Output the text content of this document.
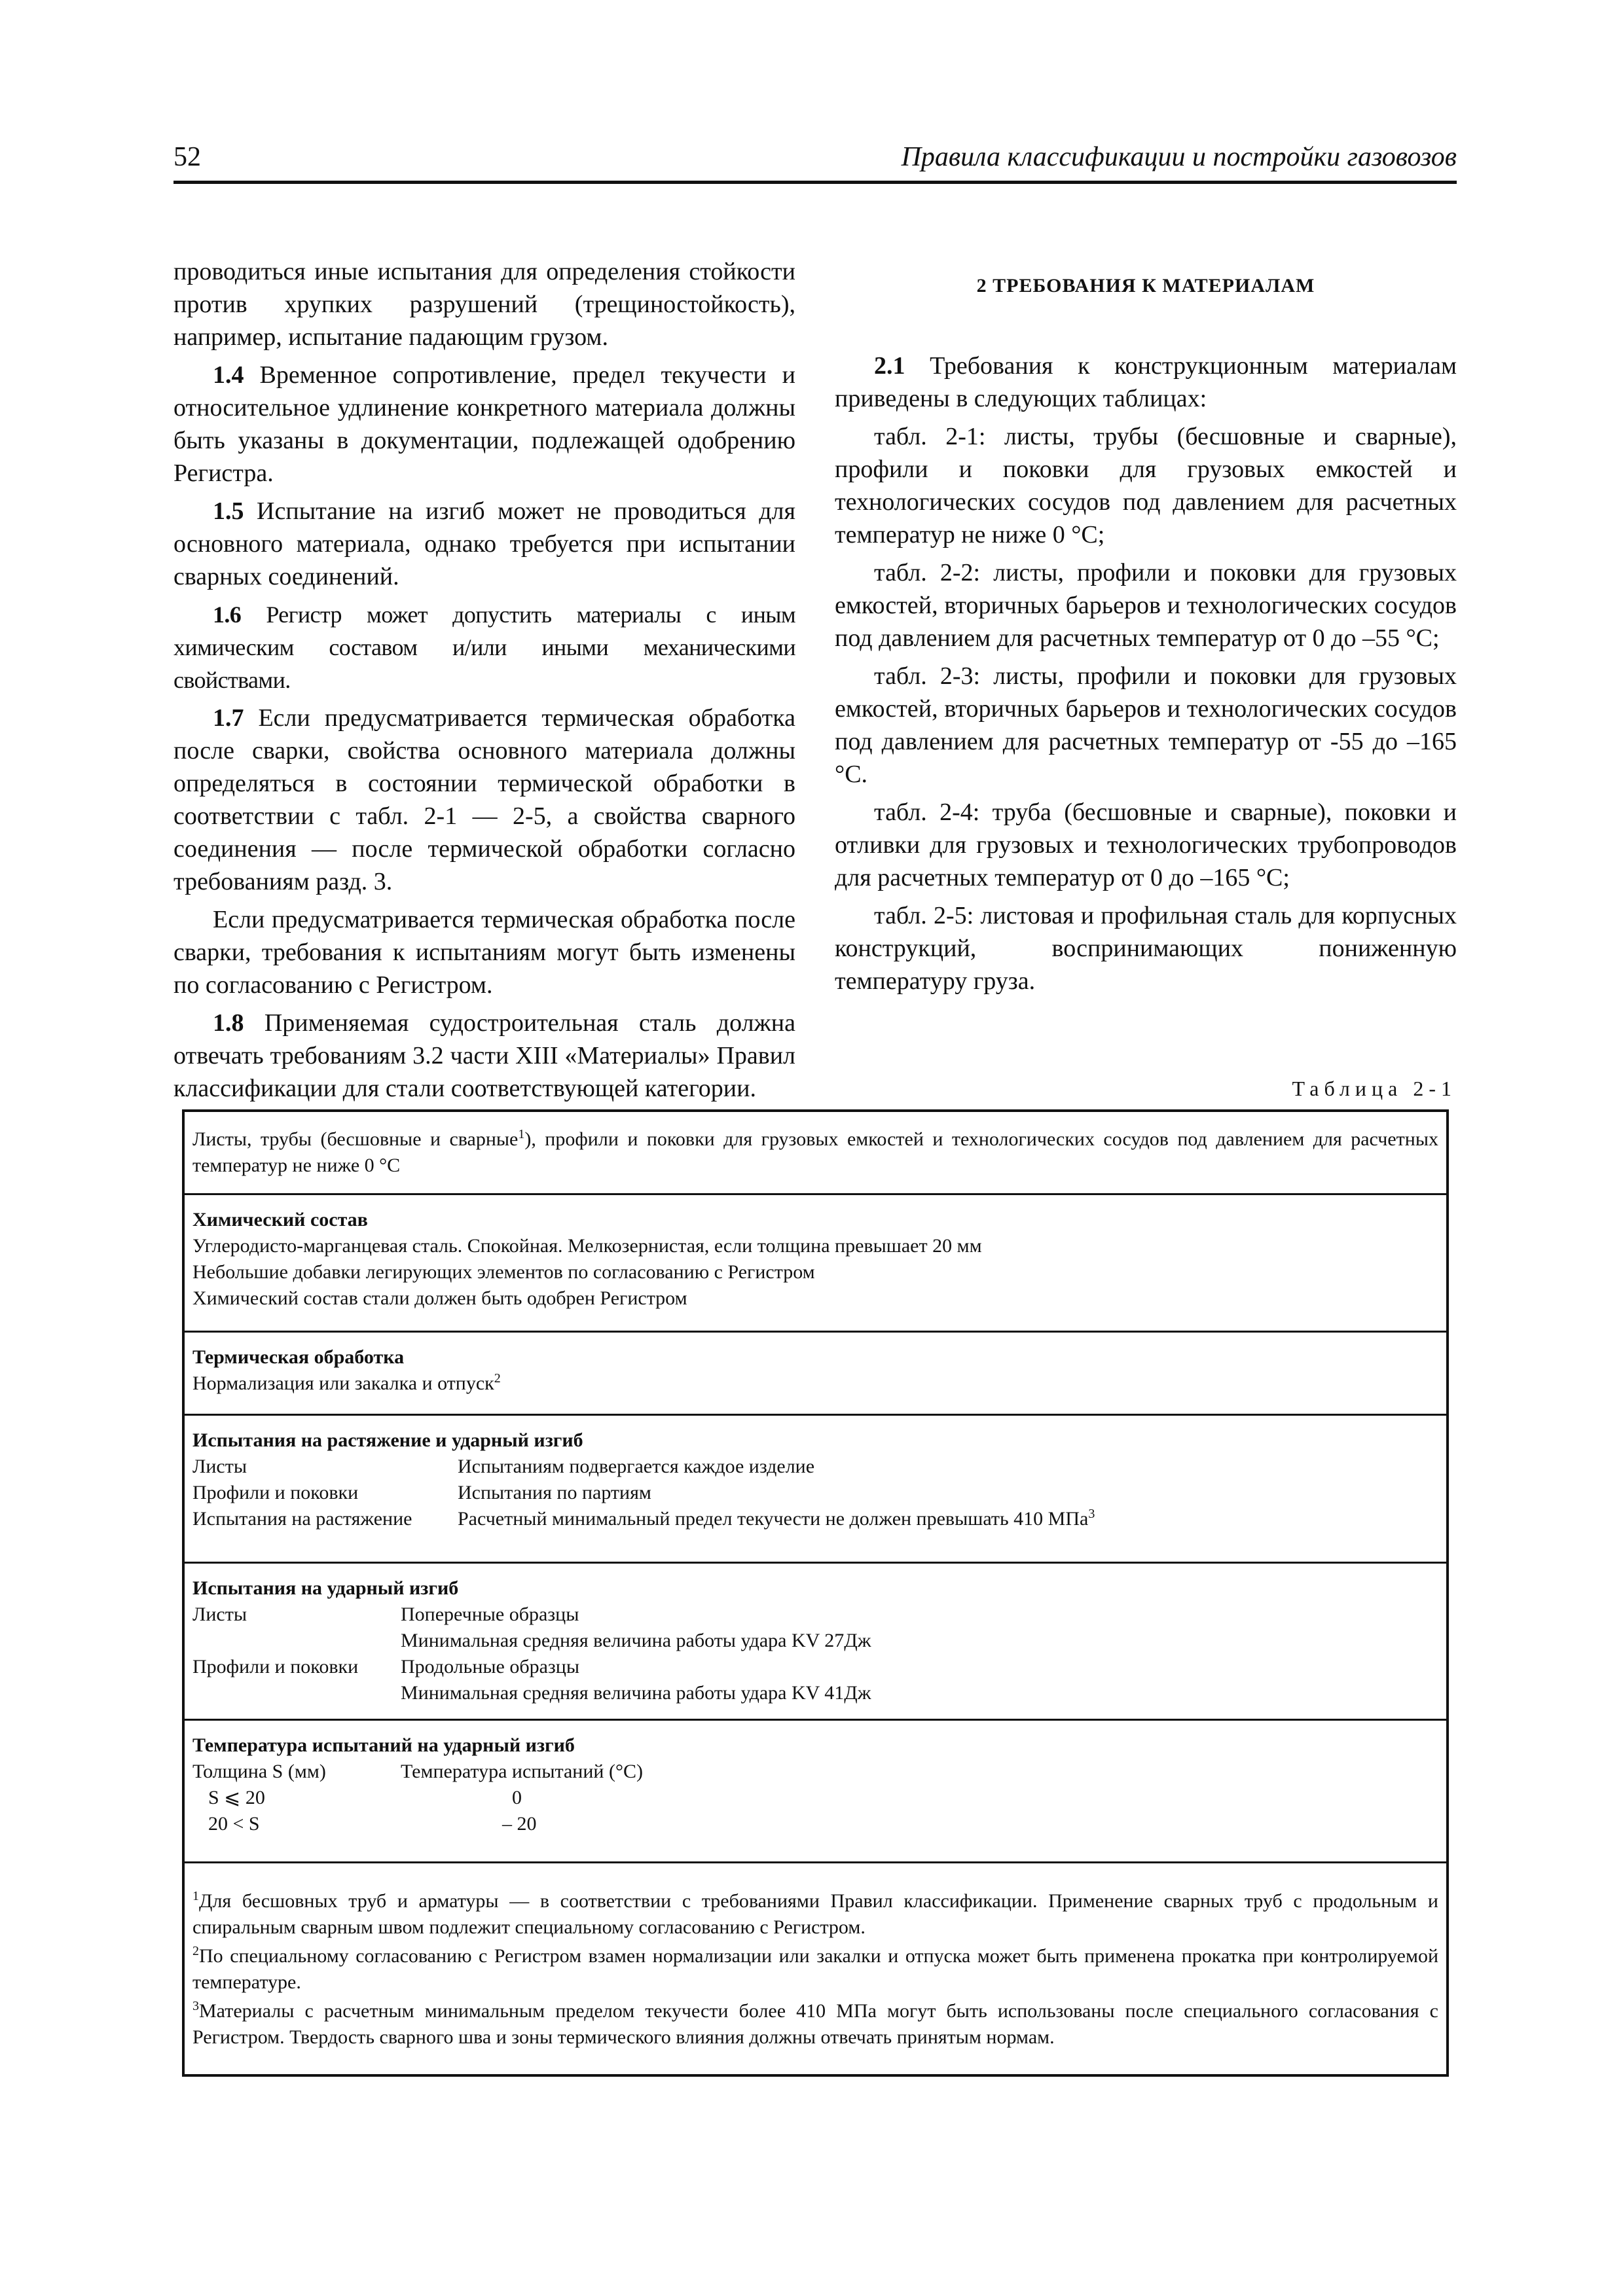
52	Правила классификации и постройки газовозов

проводиться иные испытания для определения стойкости против хрупких разрушений (трещиностойкость), например, испытание падающим грузом.

1.4 Временное сопротивление, предел текучести и относительное удлинение конкретного материала должны быть указаны в документации, подлежащей одобрению Регистра.

1.5 Испытание на изгиб может не проводиться для основного материала, однако требуется при испытании сварных соединений.

1.6 Регистр может допустить материалы с иным химическим составом и/или иными механическими свойствами.

1.7 Если предусматривается термическая обработка после сварки, свойства основного материала должны определяться в состоянии термической обработки в соответствии с табл. 2-1 — 2-5, а свойства сварного соединения — после термической обработки согласно требованиям разд. 3.

Если предусматривается термическая обработка после сварки, требования к испытаниям могут быть изменены по согласованию с Регистром.

1.8 Применяемая судостроительная сталь должна отвечать требованиям 3.2 части XIII «Материалы» Правил классификации для стали соответствующей категории.

2 ТРЕБОВАНИЯ К МАТЕРИАЛАМ

2.1 Требования к конструкционным материалам приведены в следующих таблицах:

табл. 2-1: листы, трубы (бесшовные и сварные), профили и поковки для грузовых емкостей и технологических сосудов под давлением для расчетных температур не ниже 0 °С;

табл. 2-2: листы, профили и поковки для грузовых емкостей, вторичных барьеров и технологических сосудов под давлением для расчетных температур от 0 до –55 °С;

табл. 2-3: листы, профили и поковки для грузовых емкостей, вторичных барьеров и технологических сосудов под давлением для расчетных температур от -55 до –165 °С.

табл. 2-4: труба (бесшовные и сварные), поковки и отливки для грузовых и технологических трубопроводов для расчетных температур от 0 до –165 °С;

табл. 2-5: листовая и профильная сталь для корпусных конструкций, воспринимающих пониженную температуру груза.

Таблица 2-1
Листы, трубы (бесшовные и сварные$^1$), профили и поковки для грузовых емкостей и технологических сосудов под давлением для расчетных температур не ниже 0 °С
Химический состав
Углеродисто-марганцевая сталь. Спокойная. Мелкозернистая, если толщина превышает 20 мм
Небольшие добавки легирующих элементов по согласованию с Регистром
Химический состав стали должен быть одобрен Регистром
Термическая обработка
Нормализация или закалка и отпуск$^2$
Испытания на растяжение и ударный изгиб
Листы	Испытаниям подвергается каждое изделие
Профили и поковки	Испытания по партиям
Испытания на растяжение	Расчетный минимальный предел текучести не должен превышать 410 МПа$^3$
Испытания на ударный изгиб
Листы	Поперечные образцы
Минимальная средняя величина работы удара KV 27Дж
Профили и поковки	Продольные образцы
Минимальная средняя величина работы удара KV 41Дж
Температура испытаний на ударный изгиб
Толщина S (мм)	Температура испытаний (°С)
S ⩽ 20	0
20 < S	– 20
$^1$Для бесшовных труб и арматуры — в соответствии с требованиями Правил классификации. Применение сварных труб с продольным и спиральным сварным швом подлежит специальному согласованию с Регистром.
$^2$По специальному согласованию с Регистром взамен нормализации или закалки и отпуска может быть применена прокатка при контролируемой температуре.
$^3$Материалы с расчетным минимальным пределом текучести более 410 МПа могут быть использованы после специального согласования с Регистром. Твердость сварного шва и зоны термического влияния должны отвечать принятым нормам.
